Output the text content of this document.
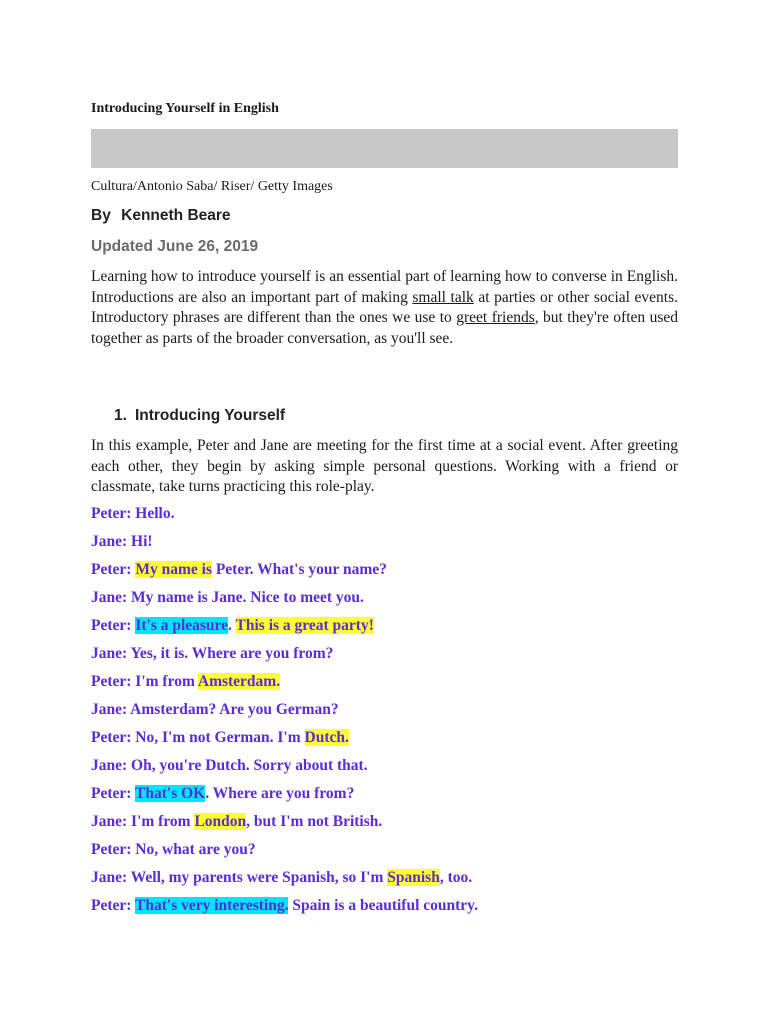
Introducing Yourself in English
Cultura/Antonio Saba/ Riser/ Getty Images
By Kenneth Beare
Updated June 26, 2019
Learning how to introduce yourself is an essential part of learning how to converse in English. Introductions are also an important part of making small talk at parties or other social events. Introductory phrases are different than the ones we use to greet friends, but they're often used together as parts of the broader conversation, as you'll see.
1. Introducing Yourself
In this example, Peter and Jane are meeting for the first time at a social event. After greeting each other, they begin by asking simple personal questions. Working with a friend or classmate, take turns practicing this role-play.
Peter: Hello.
Jane: Hi!
Peter: My name is Peter. What's your name?
Jane: My name is Jane. Nice to meet you.
Peter: It's a pleasure. This is a great party!
Jane: Yes, it is. Where are you from?
Peter: I'm from Amsterdam.
Jane: Amsterdam? Are you German?
Peter: No, I'm not German. I'm Dutch.
Jane: Oh, you're Dutch. Sorry about that.
Peter: That's OK. Where are you from?
Jane: I'm from London, but I'm not British.
Peter: No, what are you?
Jane: Well, my parents were Spanish, so I'm Spanish, too.
Peter: That's very interesting. Spain is a beautiful country.
